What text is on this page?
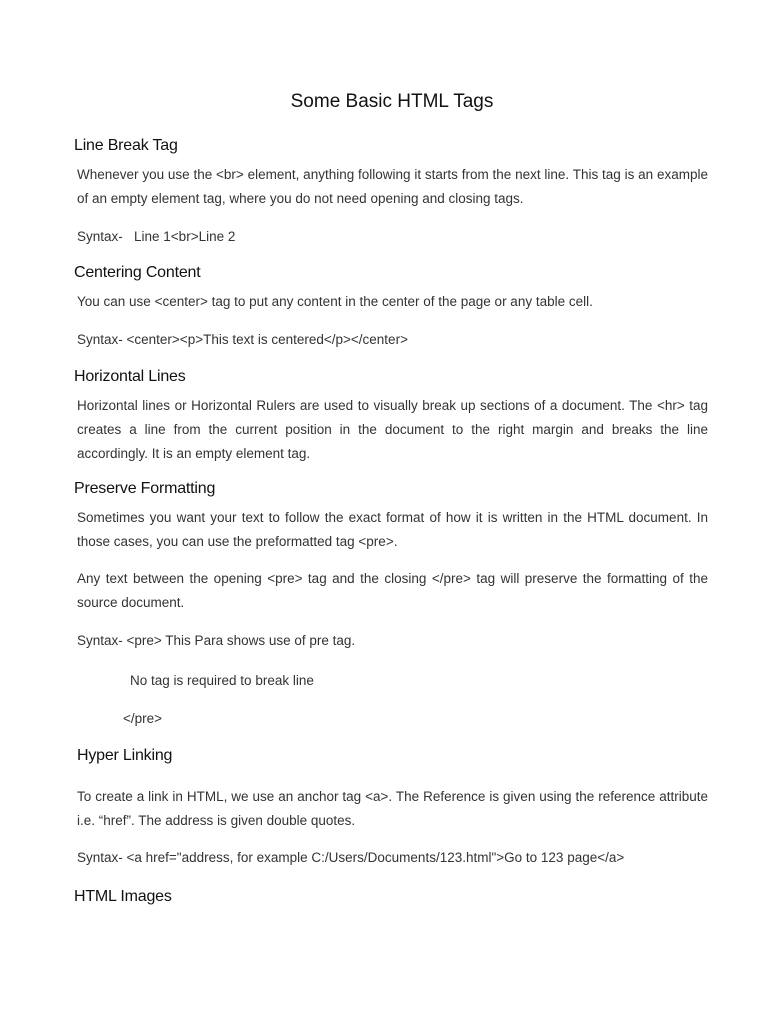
Some Basic HTML Tags
Line Break Tag
Whenever you use the <br> element, anything following it starts from the next line. This tag is an example of an empty element tag, where you do not need opening and closing tags.
Syntax-   Line 1<br>Line 2
Centering Content
You can use <center> tag to put any content in the center of the page or any table cell.
Syntax- <center><p>This text is centered</p></center>
Horizontal Lines
Horizontal lines or Horizontal Rulers are used to visually break up sections of a document. The <hr> tag creates a line from the current position in the document to the right margin and breaks the line accordingly. It is an empty element tag.
Preserve Formatting
Sometimes you want your text to follow the exact format of how it is written in the HTML document. In those cases, you can use the preformatted tag <pre>.
Any text between the opening <pre> tag and the closing </pre> tag will preserve the formatting of the source document.
Syntax- <pre> This Para shows use of pre tag.
No tag is required to break line
</pre>
Hyper Linking
To create a link in HTML, we use an anchor tag <a>. The Reference is given using the reference attribute i.e. “href”. The address is given double quotes.
Syntax- <a href="address, for example C:/Users/Documents/123.html">Go to 123 page</a>
HTML Images
